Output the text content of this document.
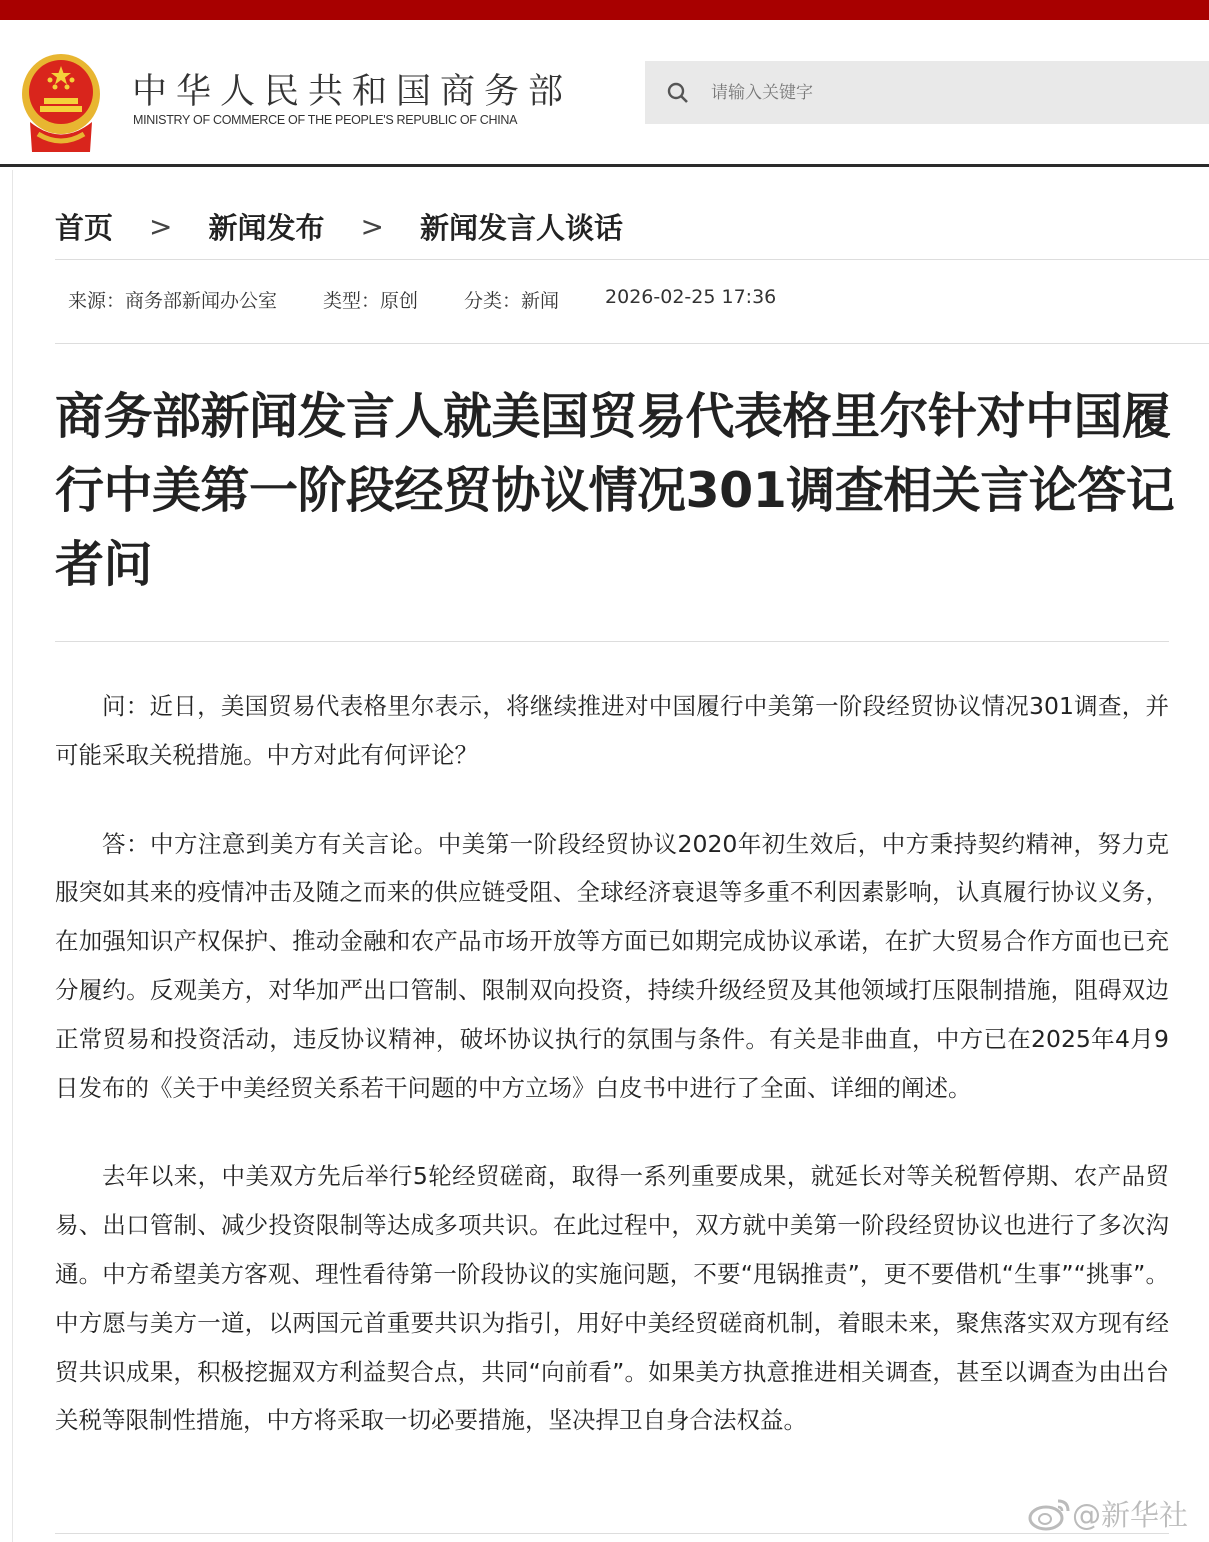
中华人民共和国商务部
MINISTRY OF COMMERCE OF THE PEOPLE'S REPUBLIC OF CHINA
请输入关键字
首页 > 新闻发布 > 新闻发言人谈话
来源：商务部新闻办公室 类型：原创 分类：新闻 2026-02-25 17:36
商务部新闻发言人就美国贸易代表格里尔针对中国履行中美第一阶段经贸协议情况301调查相关言论答记者问

问：近日，美国贸易代表格里尔表示，将继续推进对中国履行中美第一阶段经贸协议情况301调查，并可能采取关税措施。中方对此有何评论？

答：中方注意到美方有关言论。中美第一阶段经贸协议2020年初生效后，中方秉持契约精神，努力克服突如其来的疫情冲击及随之而来的供应链受阻、全球经济衰退等多重不利因素影响，认真履行协议义务，在加强知识产权保护、推动金融和农产品市场开放等方面已如期完成协议承诺，在扩大贸易合作方面也已充分履约。反观美方，对华加严出口管制、限制双向投资，持续升级经贸及其他领域打压限制措施，阻碍双边正常贸易和投资活动，违反协议精神，破坏协议执行的氛围与条件。有关是非曲直，中方已在2025年4月9日发布的《关于中美经贸关系若干问题的中方立场》白皮书中进行了全面、详细的阐述。

去年以来，中美双方先后举行5轮经贸磋商，取得一系列重要成果，就延长对等关税暂停期、农产品贸易、出口管制、减少投资限制等达成多项共识。在此过程中，双方就中美第一阶段经贸协议也进行了多次沟通。中方希望美方客观、理性看待第一阶段协议的实施问题，不要“甩锅推责”，更不要借机“生事”“挑事”。中方愿与美方一道，以两国元首重要共识为指引，用好中美经贸磋商机制，着眼未来，聚焦落实双方现有经贸共识成果，积极挖掘双方利益契合点，共同“向前看”。如果美方执意推进相关调查，甚至以调查为由出台关税等限制性措施，中方将采取一切必要措施，坚决捍卫自身合法权益。

@新华社
